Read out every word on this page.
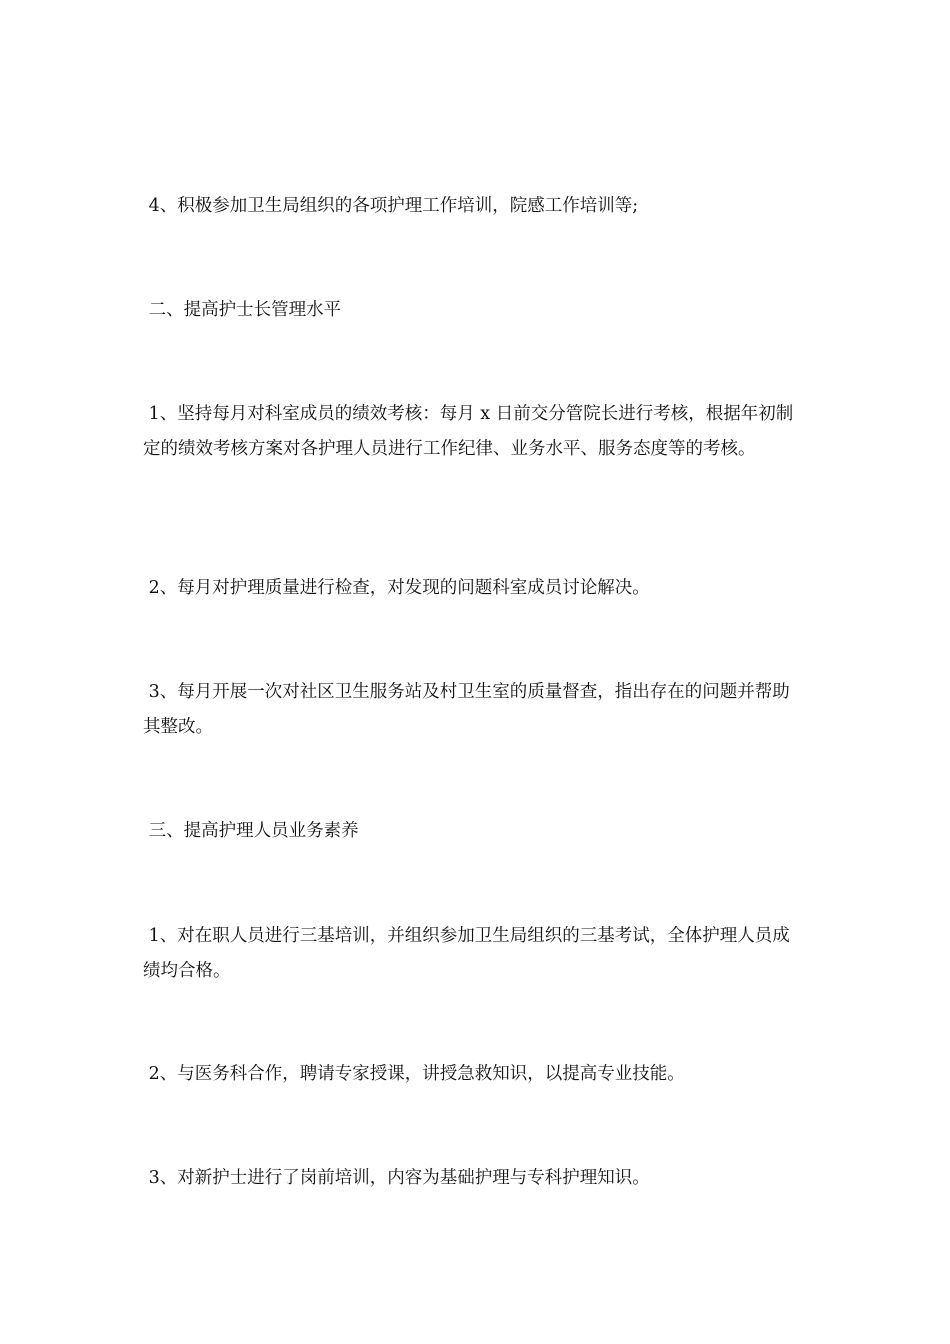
4、积极参加卫生局组织的各项护理工作培训，院感工作培训等;

二、提高护士长管理水平

1、坚持每月对科室成员的绩效考核：每月 x 日前交分管院长进行考核，根据年初制定的绩效考核方案对各护理人员进行工作纪律、业务水平、服务态度等的考核。

2、每月对护理质量进行检查，对发现的问题科室成员讨论解决。

3、每月开展一次对社区卫生服务站及村卫生室的质量督查，指出存在的问题并帮助其整改。

三、提高护理人员业务素养

1、对在职人员进行三基培训，并组织参加卫生局组织的三基考试，全体护理人员成绩均合格。

2、与医务科合作，聘请专家授课，讲授急救知识，以提高专业技能。

3、对新护士进行了岗前培训，内容为基础护理与专科护理知识。
